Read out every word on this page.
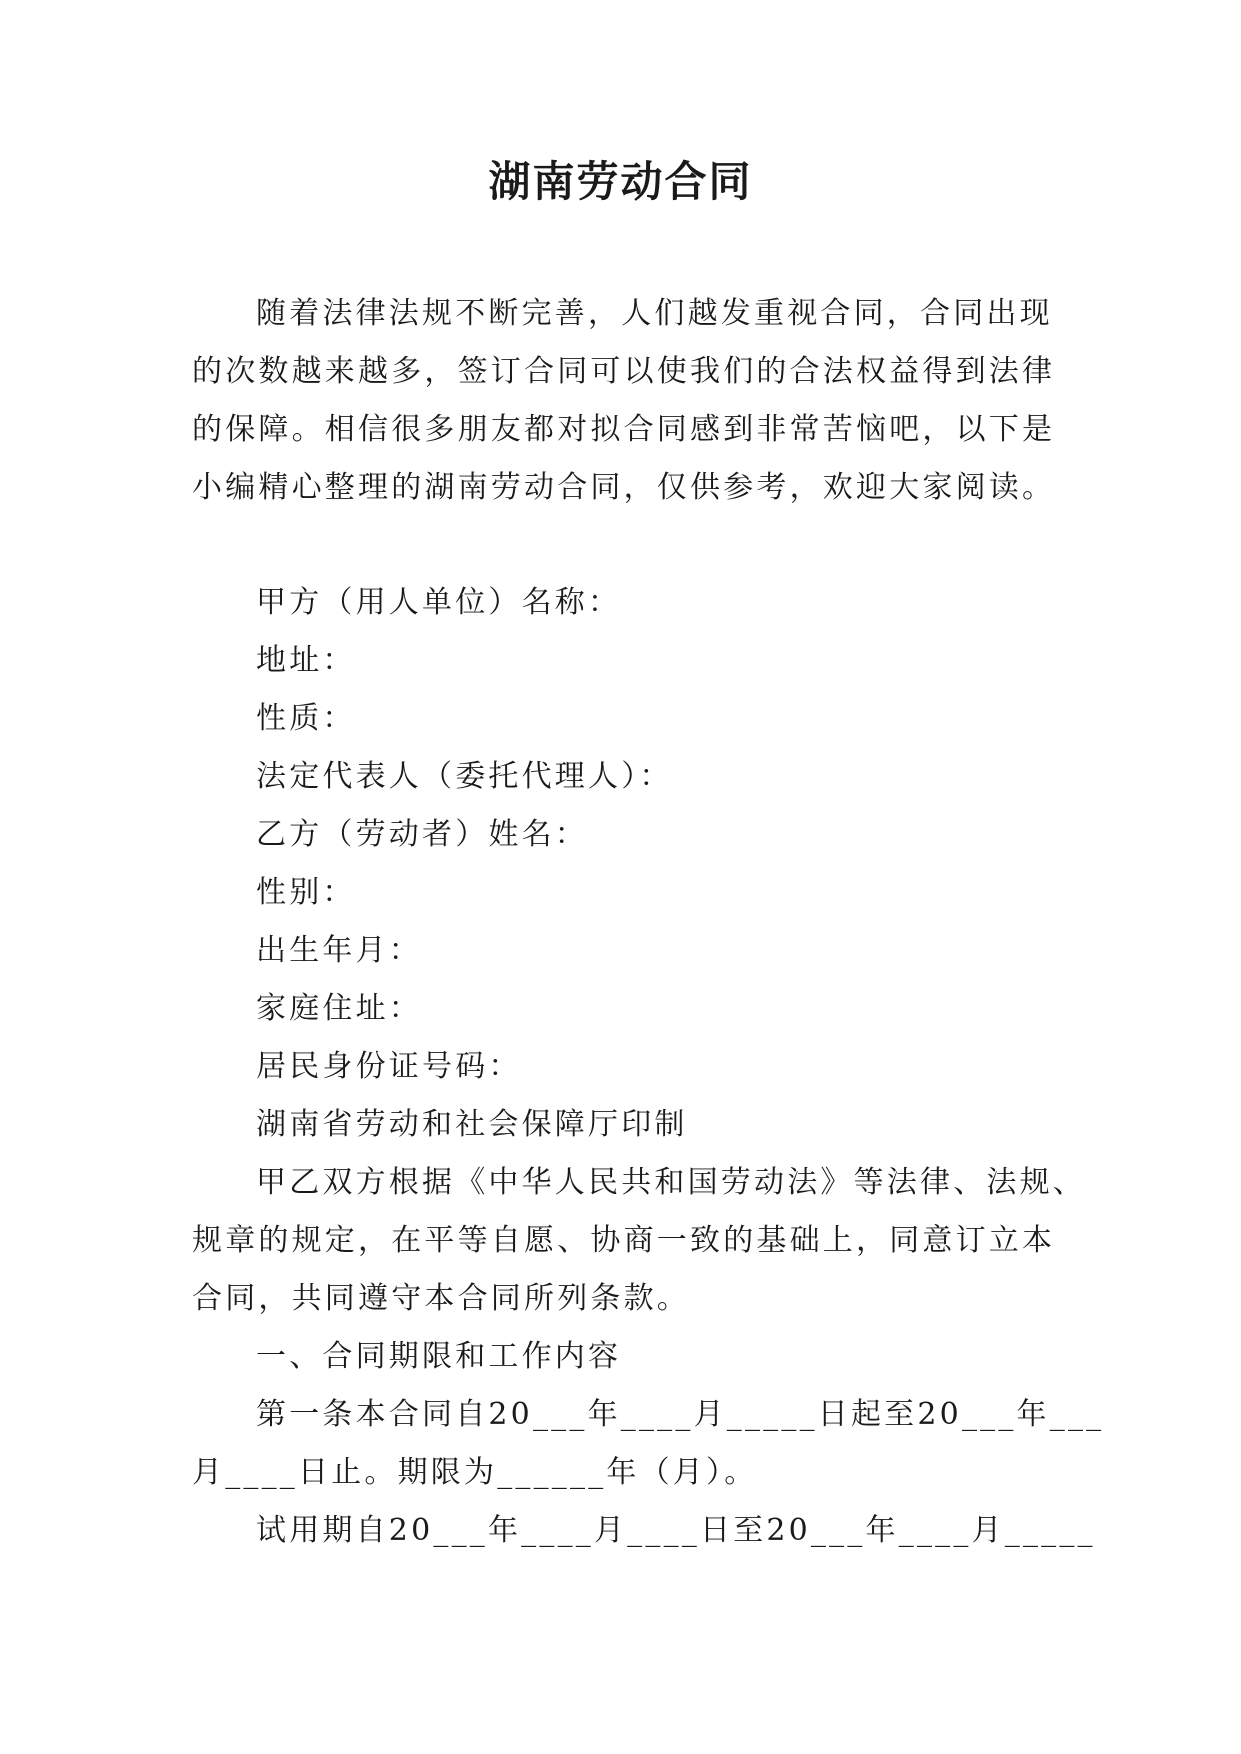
湖南劳动合同
随着法律法规不断完善，人们越发重视合同，合同出现
的次数越来越多，签订合同可以使我们的合法权益得到法律
的保障。相信很多朋友都对拟合同感到非常苦恼吧，以下是
小编精心整理的湖南劳动合同，仅供参考，欢迎大家阅读。
甲方（用人单位）名称：
地址：
性质：
法定代表人（委托代理人）：
乙方（劳动者）姓名：
性别：
出生年月：
家庭住址：
居民身份证号码：
湖南省劳动和社会保障厅印制
甲乙双方根据《中华人民共和国劳动法》等法律、法规、
规章的规定，在平等自愿、协商一致的基础上，同意订立本
合同，共同遵守本合同所列条款。
一、合同期限和工作内容
第一条本合同自20___年____月_____日起至20___年___
月____日止。期限为______年（月）。
试用期自20___年____月____日至20___年____月_____
